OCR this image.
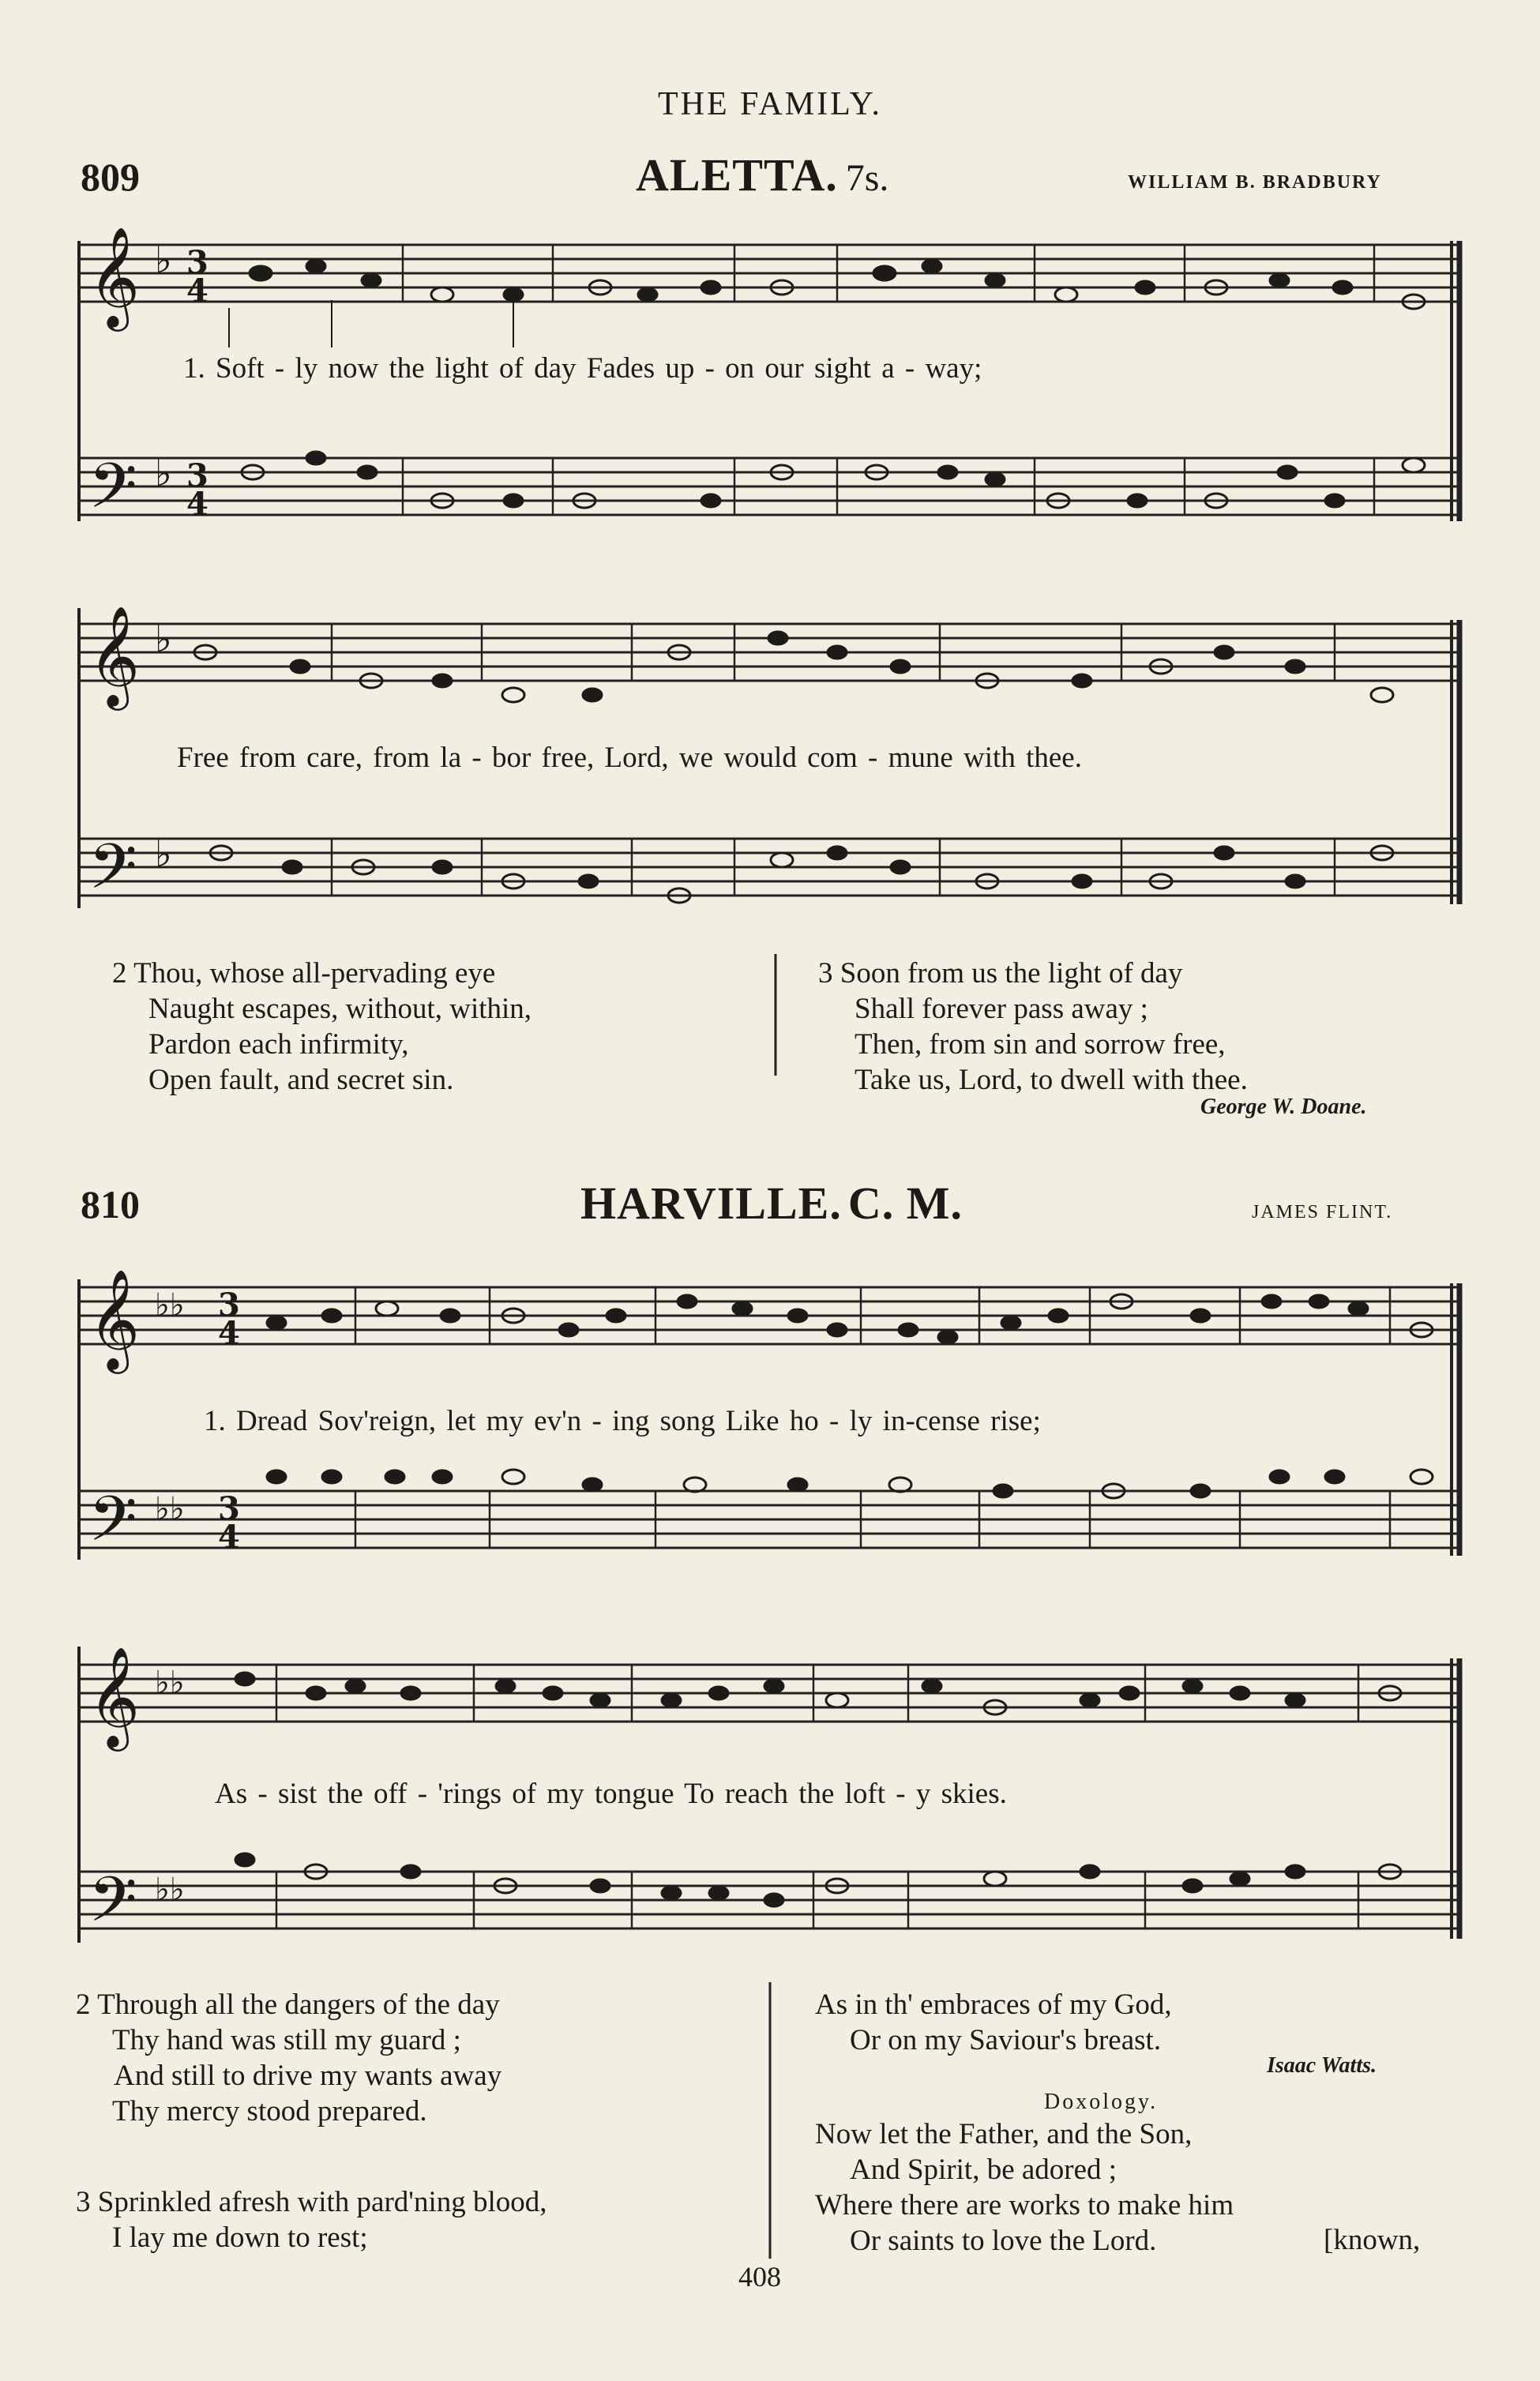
THE FAMILY.
809	ALETTA. 7s.	WILLIAM B. BRADBURY
𝄞
𝄢
𝄞
𝄢
𝄞
𝄢
𝄞
𝄢
♭
♭
♭
♭
3
4
3
4
♭♭
♭♭
3
4
3
4
♭♭
♭♭
1. Soft - ly now the light of day Fades up - on our sight a - way;
Free from care, from la - bor free, Lord, we would com - mune with thee.

2 Thou, whose all-pervading eye

Naught escapes, without, within,

Pardon each infirmity,

Open fault, and secret sin.

3 Soon from us the light of day

Shall forever pass away ;

Then, from sin and sorrow free,

Take us, Lord, to dwell with thee.

George W. Doane.
810	HARVILLE. C. M.	JAMES FLINT.
1. Dread Sov'reign, let my ev'n - ing song Like ho - ly in-cense rise;
As - sist the off - 'rings of my tongue To reach the loft - y skies.

2 Through all the dangers of the day

Thy hand was still my guard ;

And still to drive my wants away

Thy mercy stood prepared.

3 Sprinkled afresh with pard'ning blood,

I lay me down to rest;

As in th' embraces of my God,

Or on my Saviour's breast.

Isaac Watts.
Doxology.

Now let the Father, and the Son,

And Spirit, be adored ;

Where there are works to make him

Or saints to love the Lord.	[known,
408
